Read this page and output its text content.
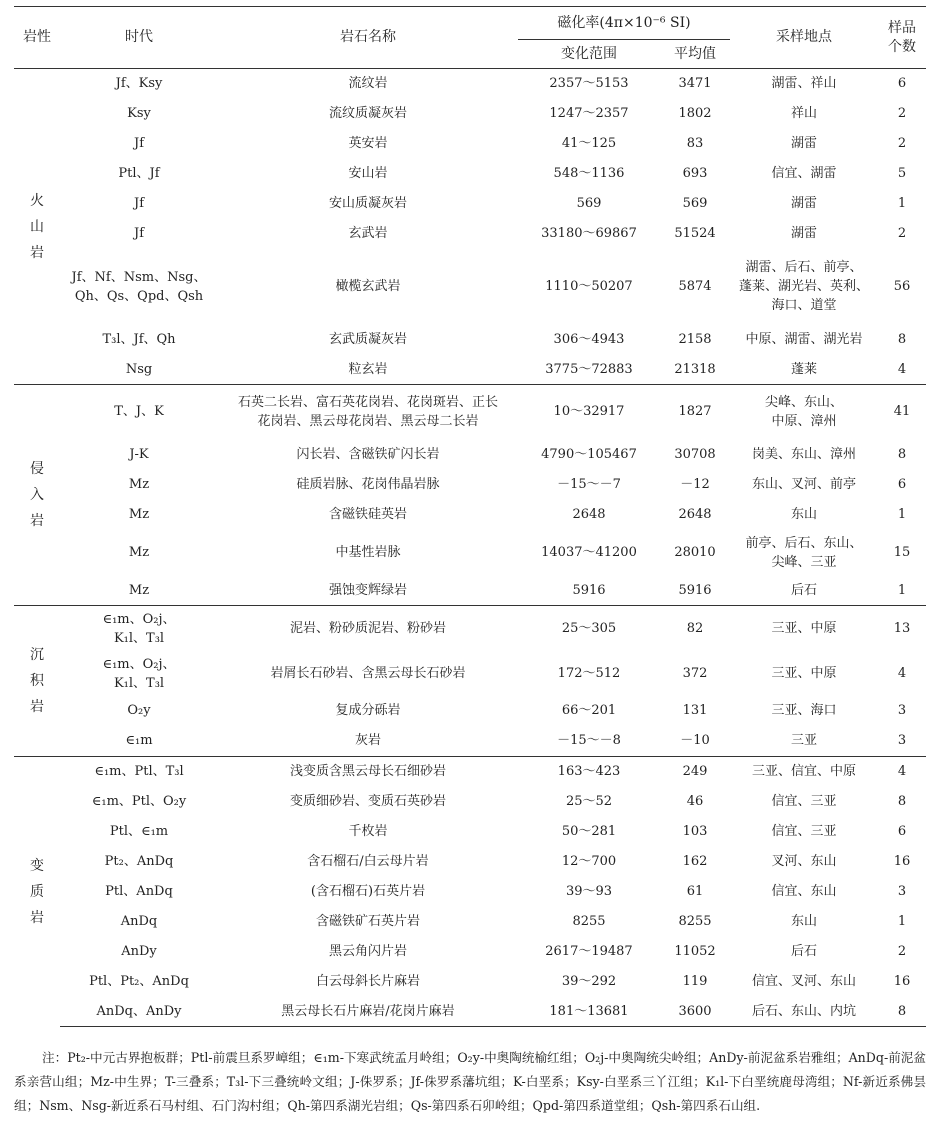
岩性	时代	岩石名称	磁化率(4π×10⁻⁶ SI)		采样地点	样品
个数
			变化范围	平均值		

火
山
岩	Jf、Ksy	流纹岩	2357～5153	3471	湖雷、祥山	6
	Ksy	流纹质凝灰岩	1247～2357	1802	祥山	2
	Jf	英安岩	41～125	83	湖雷	2
	Ptl、Jf	安山岩	548～1136	693	信宜、湖雷	5
	Jf	安山质凝灰岩	569	569	湖雷	1
	Jf	玄武岩	33180～69867	51524	湖雷	2
	Jf、Nf、Nsm、Nsg、
Qh、Qs、Qpd、Qsh	橄榄玄武岩	1110～50207	5874	湖雷、后石、前亭、
蓬莱、湖光岩、英利、
海口、道堂	56
	T₃l、Jf、Qh	玄武质凝灰岩	306～4943	2158	中原、湖雷、湖光岩	8
	Nsg	粒玄岩	3775～72883	21318	蓬莱	4

侵
入
岩	T、J、K	石英二长岩、富石英花岗岩、花岗斑岩、正长
花岗岩、黑云母花岗岩、黑云母二长岩	10～32917	1827	尖峰、东山、
中原、漳州	41
	J-K	闪长岩、含磁铁矿闪长岩	4790～105467	30708	岗美、东山、漳州	8
	Mz	硅质岩脉、花岗伟晶岩脉	－15～－7	－12	东山、叉河、前亭	6
	Mz	含磁铁硅英岩	2648	2648	东山	1
	Mz	中基性岩脉	14037～41200	28010	前亭、后石、东山、
尖峰、三亚	15
	Mz	强蚀变辉绿岩	5916	5916	后石	1

沉
积
岩	∈₁m、O₂j、
K₁l、T₃l	泥岩、粉砂质泥岩、粉砂岩	25～305	82	三亚、中原	13
	∈₁m、O₂j、
K₁l、T₃l	岩屑长石砂岩、含黑云母长石砂岩	172～512	372	三亚、中原	4
	O₂y	复成分砾岩	66～201	131	三亚、海口	3
	∈₁m	灰岩	－15～－8	－10	三亚	3

变
质
岩	∈₁m、Ptl、T₃l	浅变质含黑云母长石细砂岩	163～423	249	三亚、信宜、中原	4
	∈₁m、Ptl、O₂y	变质细砂岩、变质石英砂岩	25～52	46	信宜、三亚	8
	Ptl、∈₁m	千枚岩	50～281	103	信宜、三亚	6
	Pt₂、AnDq	含石榴石/白云母片岩	12～700	162	叉河、东山	16
	Ptl、AnDq	(含石榴石)石英片岩	39～93	61	信宜、东山	3
	AnDq	含磁铁矿石英片岩	8255	8255	东山	1
	AnDy	黑云角闪片岩	2617～19487	11052	后石	2
	Ptl、Pt₂、AnDq	白云母斜长片麻岩	39～292	119	信宜、叉河、东山	16
	AnDq、AnDy	黑云母长石片麻岩/花岗片麻岩	181～13681	3600	后石、东山、内坑	8
注：Pt₂-中元古界抱板群；Ptl-前震旦系罗嶂组；∈₁m-下寒武统孟月岭组；O₂y-中奥陶统榆红组；O₂j-中奥陶统尖岭组；AnDy-前泥盆系岩雅组；AnDq-前泥盆系亲营山组；Mz-中生界；T-三叠系；T₃l-下三叠统岭文组；J-侏罗系；Jf-侏罗系藩坑组；K-白垩系；Ksy-白垩系三丫江组；K₁l-下白垩统鹿母湾组；Nf-新近系佛昙组；Nsm、Nsg-新近系石马村组、石门沟村组；Qh-第四系湖光岩组；Qs-第四系石卯岭组；Qpd-第四系道堂组；Qsh-第四系石山组.
